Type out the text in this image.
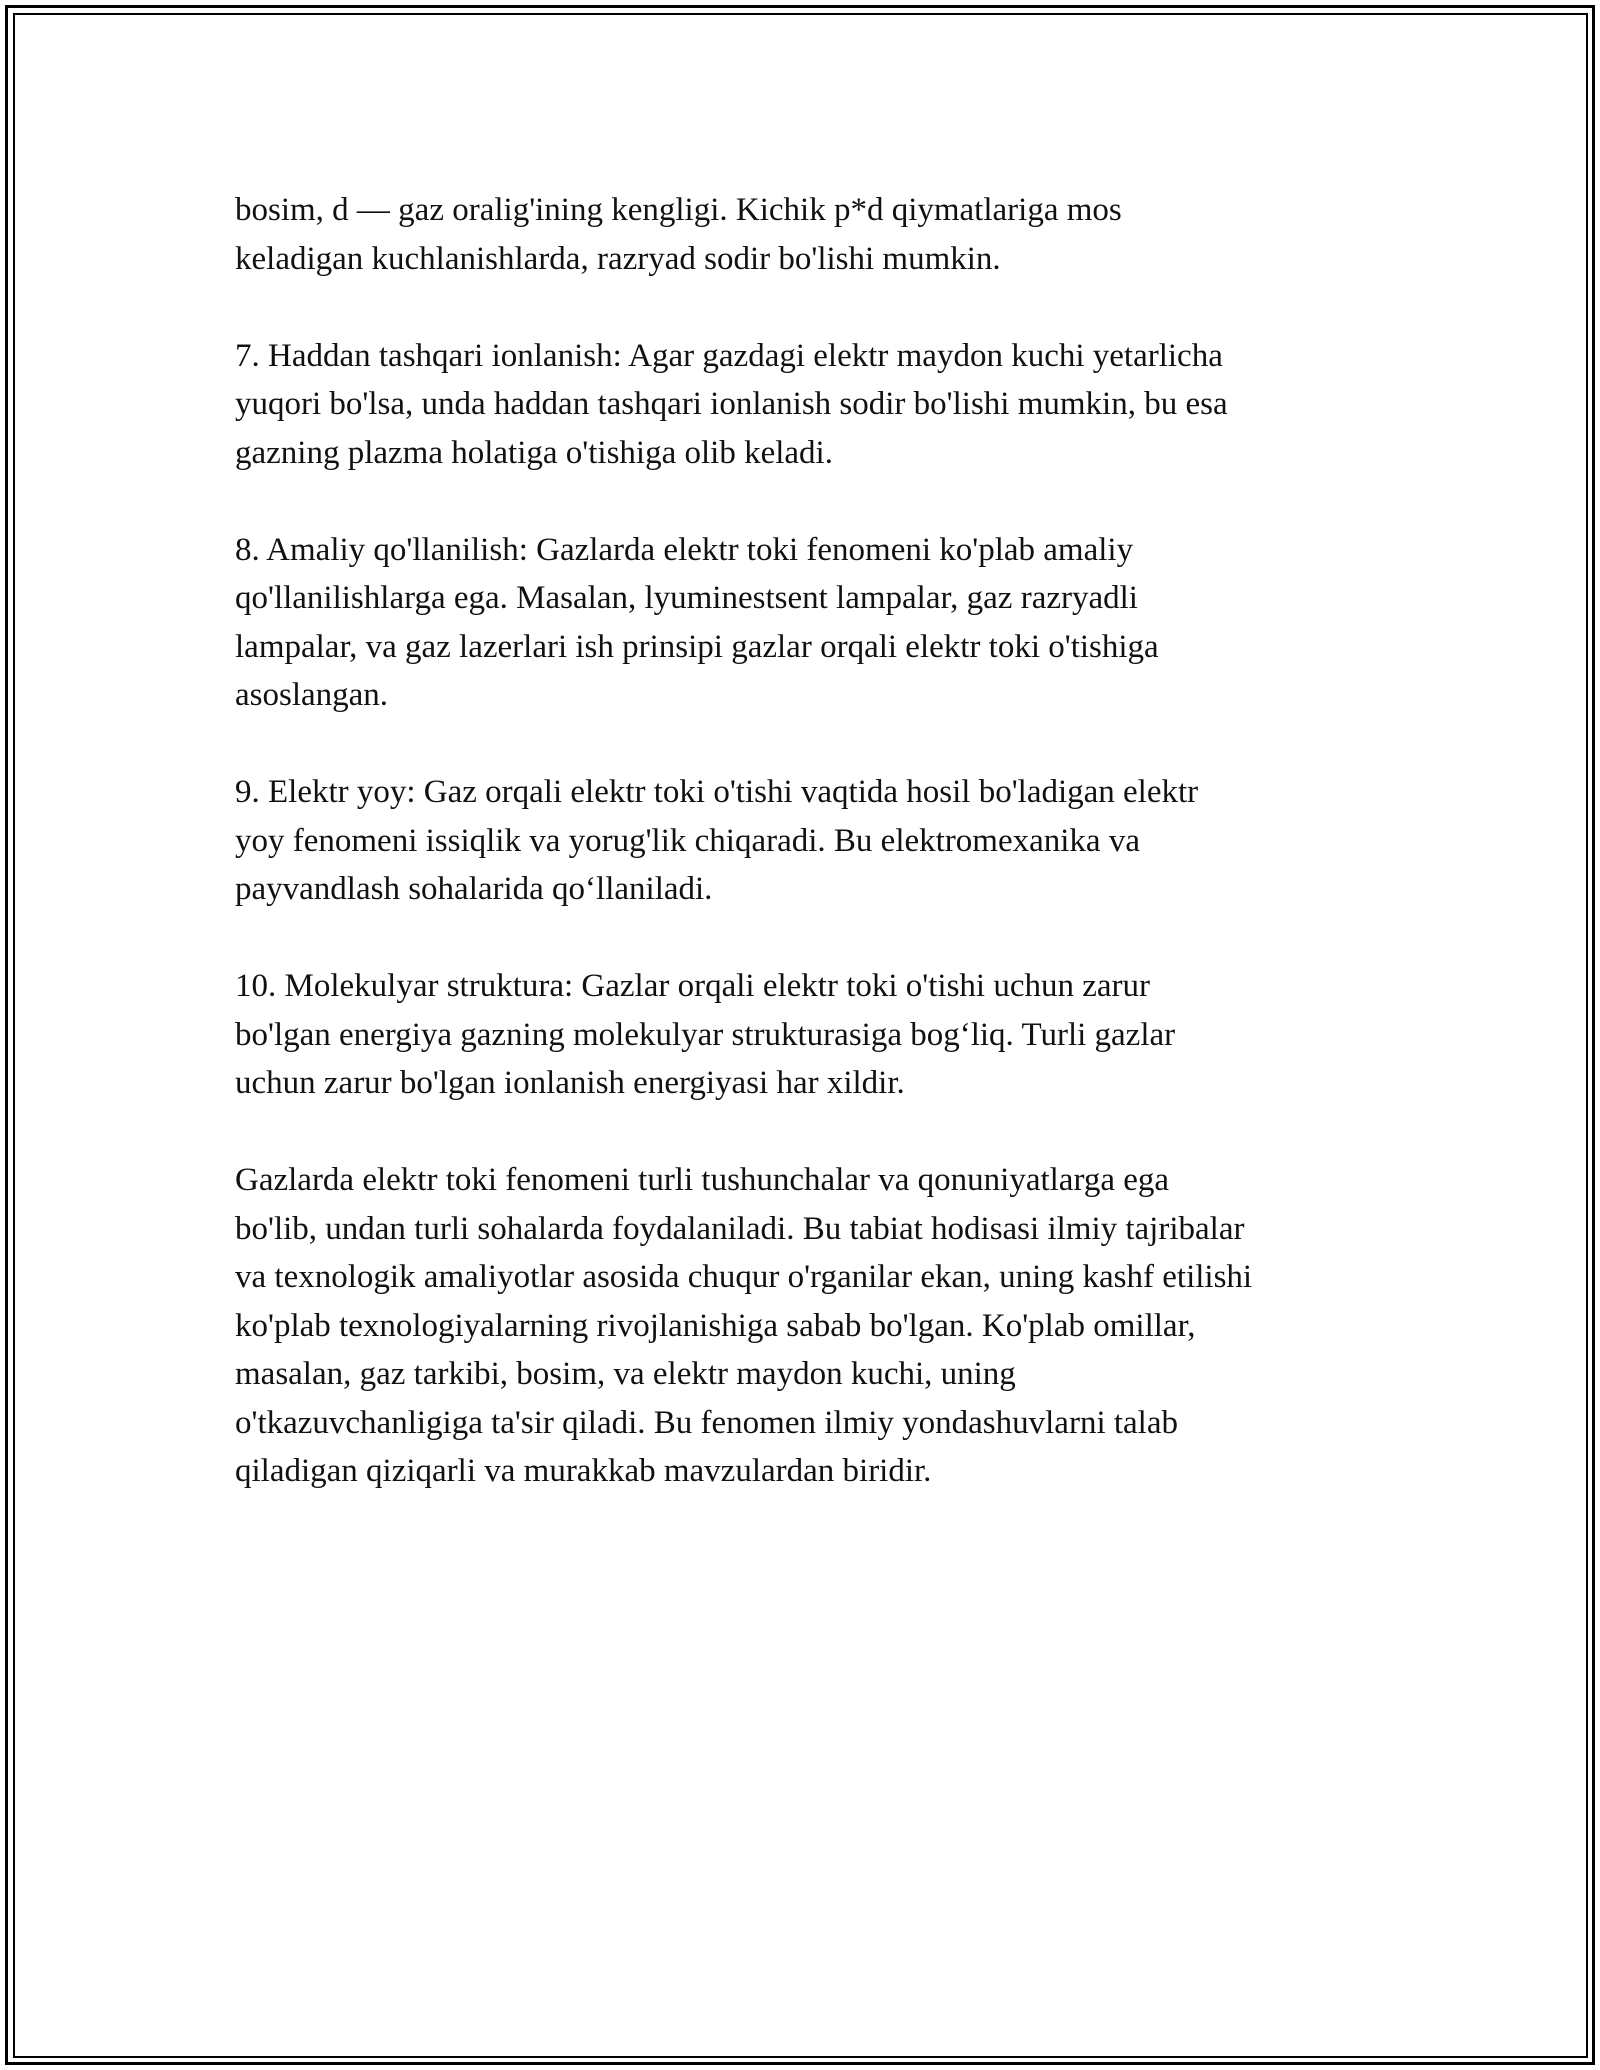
bosim, d — gaz oralig'ining kengligi. Kichik p*d qiymatlariga mos
keladigan kuchlanishlarda, razryad sodir bo'lishi mumkin.

7. Haddan tashqari ionlanish: Agar gazdagi elektr maydon kuchi yetarlicha
yuqori bo'lsa, unda haddan tashqari ionlanish sodir bo'lishi mumkin, bu esa
gazning plazma holatiga o'tishiga olib keladi.

8. Amaliy qo'llanilish: Gazlarda elektr toki fenomeni ko'plab amaliy
qo'llanilishlarga ega. Masalan, lyuminestsent lampalar, gaz razryadli
lampalar, va gaz lazerlari ish prinsipi gazlar orqali elektr toki o'tishiga
asoslangan.

9. Elektr yoy: Gaz orqali elektr toki o'tishi vaqtida hosil bo'ladigan elektr
yoy fenomeni issiqlik va yorug'lik chiqaradi. Bu elektromexanika va
payvandlash sohalarida qo‘llaniladi.

10. Molekulyar struktura: Gazlar orqali elektr toki o'tishi uchun zarur
bo'lgan energiya gazning molekulyar strukturasiga bog‘liq. Turli gazlar
uchun zarur bo'lgan ionlanish energiyasi har xildir.

Gazlarda elektr toki fenomeni turli tushunchalar va qonuniyatlarga ega
bo'lib, undan turli sohalarda foydalaniladi. Bu tabiat hodisasi ilmiy tajribalar
va texnologik amaliyotlar asosida chuqur o'rganilar ekan, uning kashf etilishi
ko'plab texnologiyalarning rivojlanishiga sabab bo'lgan. Ko'plab omillar,
masalan, gaz tarkibi, bosim, va elektr maydon kuchi, uning
o'tkazuvchanligiga ta'sir qiladi. Bu fenomen ilmiy yondashuvlarni talab
qiladigan qiziqarli va murakkab mavzulardan biridir.
